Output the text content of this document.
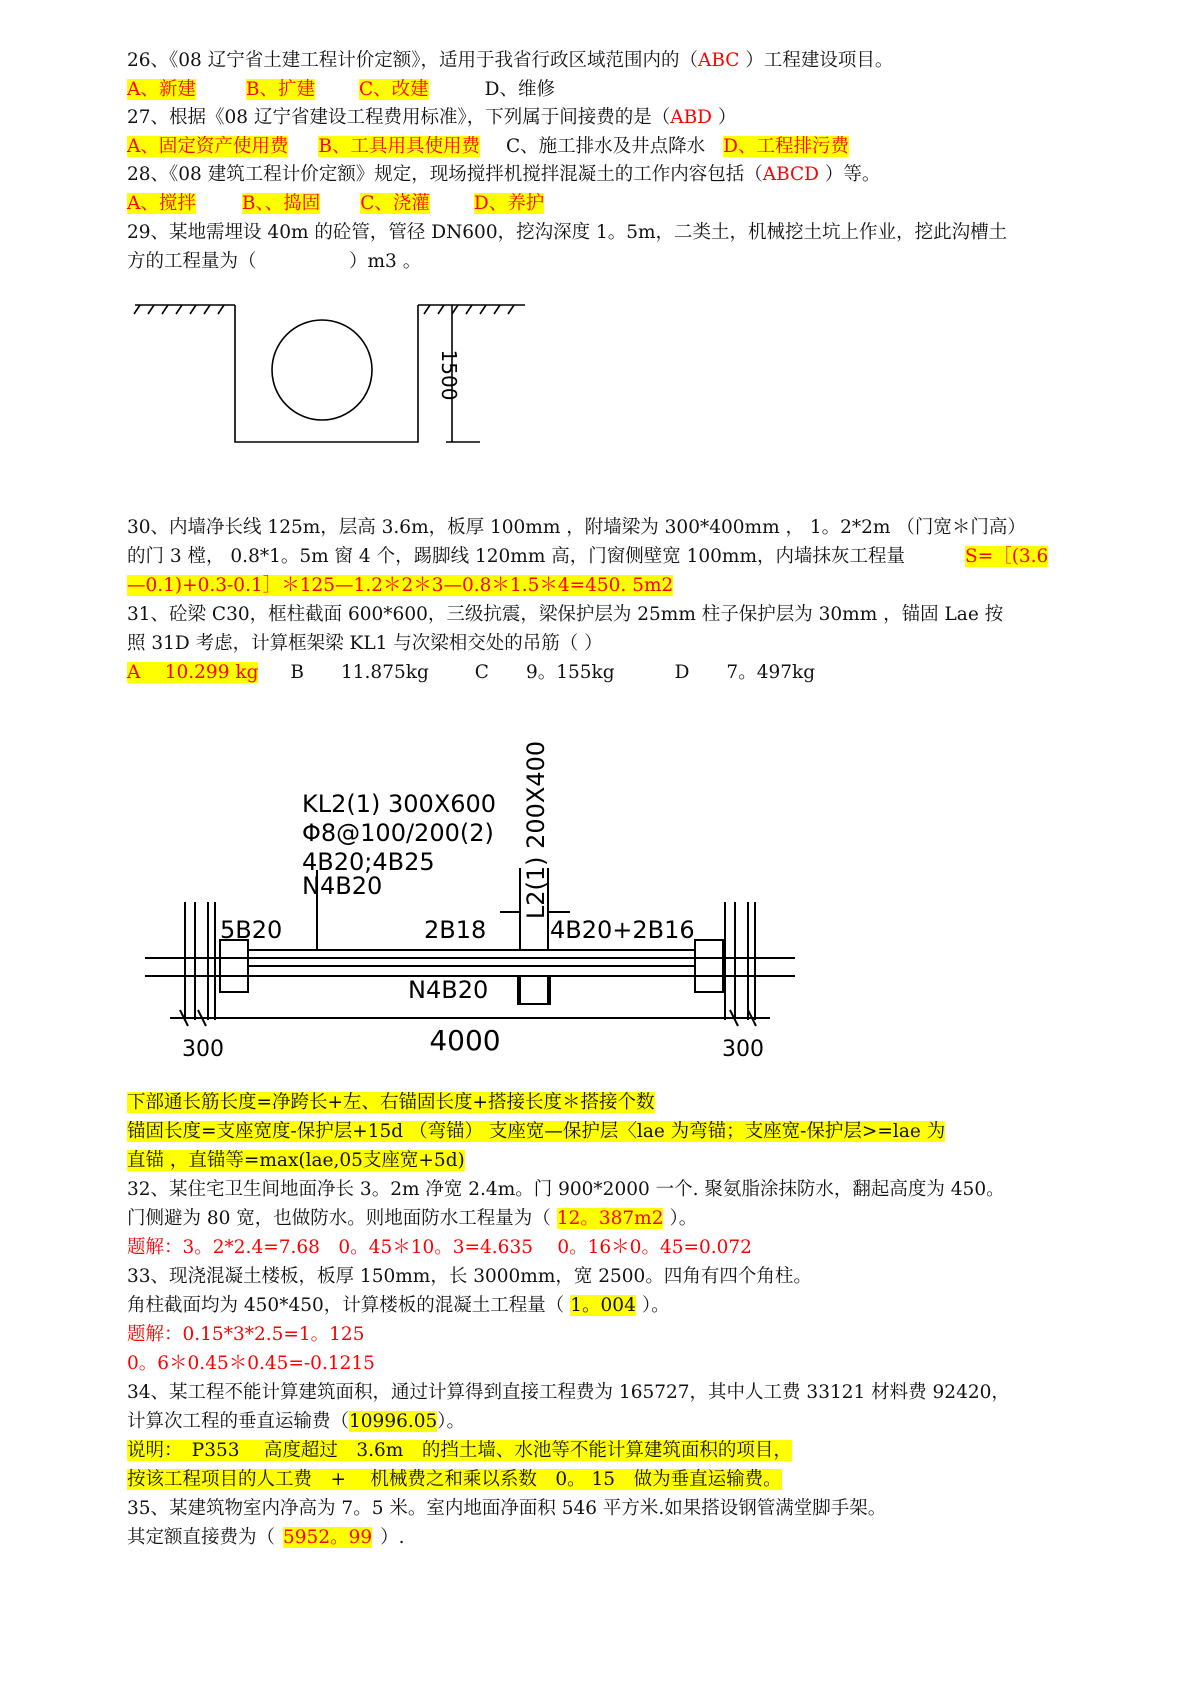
26、《08 辽宁省土建工程计价定额》，适用于我省行政区域范围内的（ABC ）工程建设项目。
A、新建	B、扩建 C、改建	D、维修
27、根据《08 辽宁省建设工程费用标准》，下列属于间接费的是（ABD ）
A、固定资产使用费 B、工具用具使用费 C、施工排水及井点降水 D、工程排污费
28、《08 建筑工程计价定额》规定，现场搅拌机搅拌混凝土的工作内容包括（ABCD ）等。
A、搅拌 B、、捣固 C、浇灌 D、养护
29、某地需埋设 40m 的砼管，管径 DN600，挖沟深度 1。5m，二类土，机械挖土坑上作业，挖此沟槽土
方的工程量为（　　　　　）m3 。
1500
30、内墙净长线 125m，层高 3.6m，板厚 100mm ，附墙梁为 300*400mm ， 1。2*2m （门宽＊门高）
的门 3 樘， 0.8*1。5m 窗 4 个，踢脚线 120mm 高，门窗侧壁宽 100mm，内墙抹灰工程量	S=［(3.6
—0.1)+0.3-0.1］＊125—1.2＊2＊3—0.8＊1.5＊4=450. 5m2
31、砼梁 C30，框柱截面 600*600，三级抗震，梁保护层为 25mm 柱子保护层为 30mm ，锚固 Lae 按
照 31D 考虑，计算框架梁 KL1 与次梁相交处的吊筋（ ）
A　 10.299 kg B　　11.875kg C　　9。155kg	D　　7。497kg
KL2(1) 300X600
Φ8@100/200(2)
4B20;4B25
N4B20	L2(1) 200X400
5B20	2B18	4B20+2B16
N4B20
4000
300	300
下部通长筋长度=净跨长+左、右锚固长度+搭接长度＊搭接个数
锚固长度=支座宽度-保护层+15d （弯锚） 支座宽—保护层〈lae 为弯锚；支座宽-保护层>=lae 为
直锚 ，直锚等=max(lae,05支座宽+5d)
32、某住宅卫生间地面净长 3。2m 净宽 2.4m。门 900*2000 一个. 聚氨脂涂抹防水，翻起高度为 450。
门侧避为 80 宽，也做防水。则地面防水工程量为（ 12。387m2 ）。
题解：3。2*2.4=7.68　0。45＊10。3=4.635　 0。16＊0。45=0.072
33、现浇混凝土楼板，板厚 150mm，长 3000mm，宽 2500。四角有四个角柱。
角柱截面均为 450*450，计算楼板的混凝土工程量（ 1。004 ）。
题解：0.15*3*2.5=1。125
0。6＊0.45＊0.45=-0.1215
34、某工程不能计算建筑面积，通过计算得到直接工程费为 165727，其中人工费 33121 材料费 92420，
计算次工程的垂直运输费（10996.05）。
说明：　P353　 高度超过　3.6m　的挡土墙、水池等不能计算建筑面积的项目，
按该工程项目的人工费　+　 机械费之和乘以系数　0。 15　做为垂直运输费。
35、某建筑物室内净高为 7。5 米。室内地面净面积 546 平方米.如果搭设钢管满堂脚手架。
其定额直接费为（ 5952。99 ）.
